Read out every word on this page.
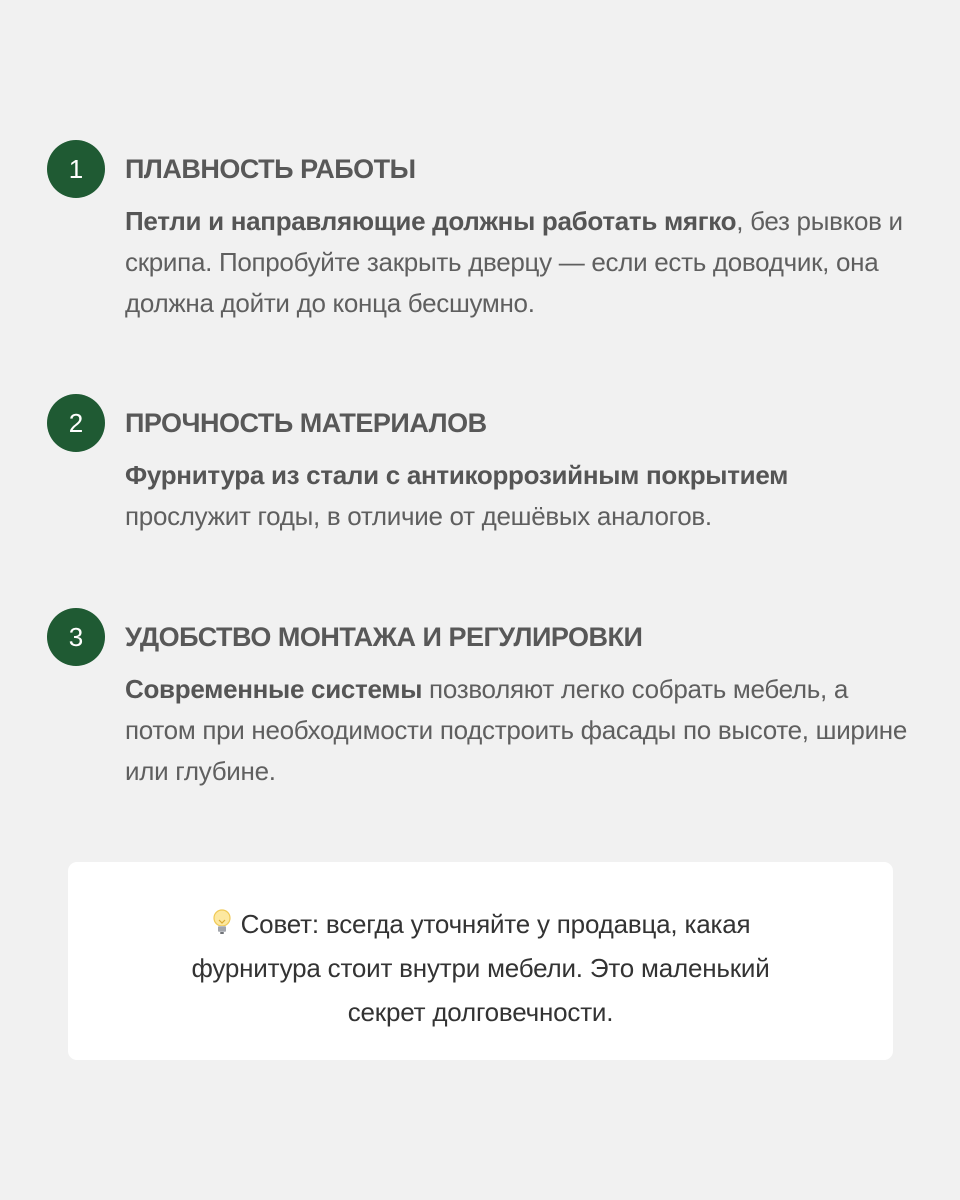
1	ПЛАВНОСТЬ РАБОТЫ

Петли и направляющие должны работать мягко, без рывков и скрипа. Попробуйте закрыть дверцу — если есть доводчик, она должна дойти до конца бесшумно.

2	ПРОЧНОСТЬ МАТЕРИАЛОВ

Фурнитура из стали с антикоррозийным покрытием прослужит годы, в отличие от дешёвых аналогов.

3	УДОБСТВО МОНТАЖА И РЕГУЛИРОВКИ

Современные системы позволяют легко собрать мебель, а потом при необходимости подстроить фасады по высоте, ширине или глубине.

Совет: всегда уточняйте у продавца, какая фурнитура стоит внутри мебели. Это маленький секрет долговечности.
